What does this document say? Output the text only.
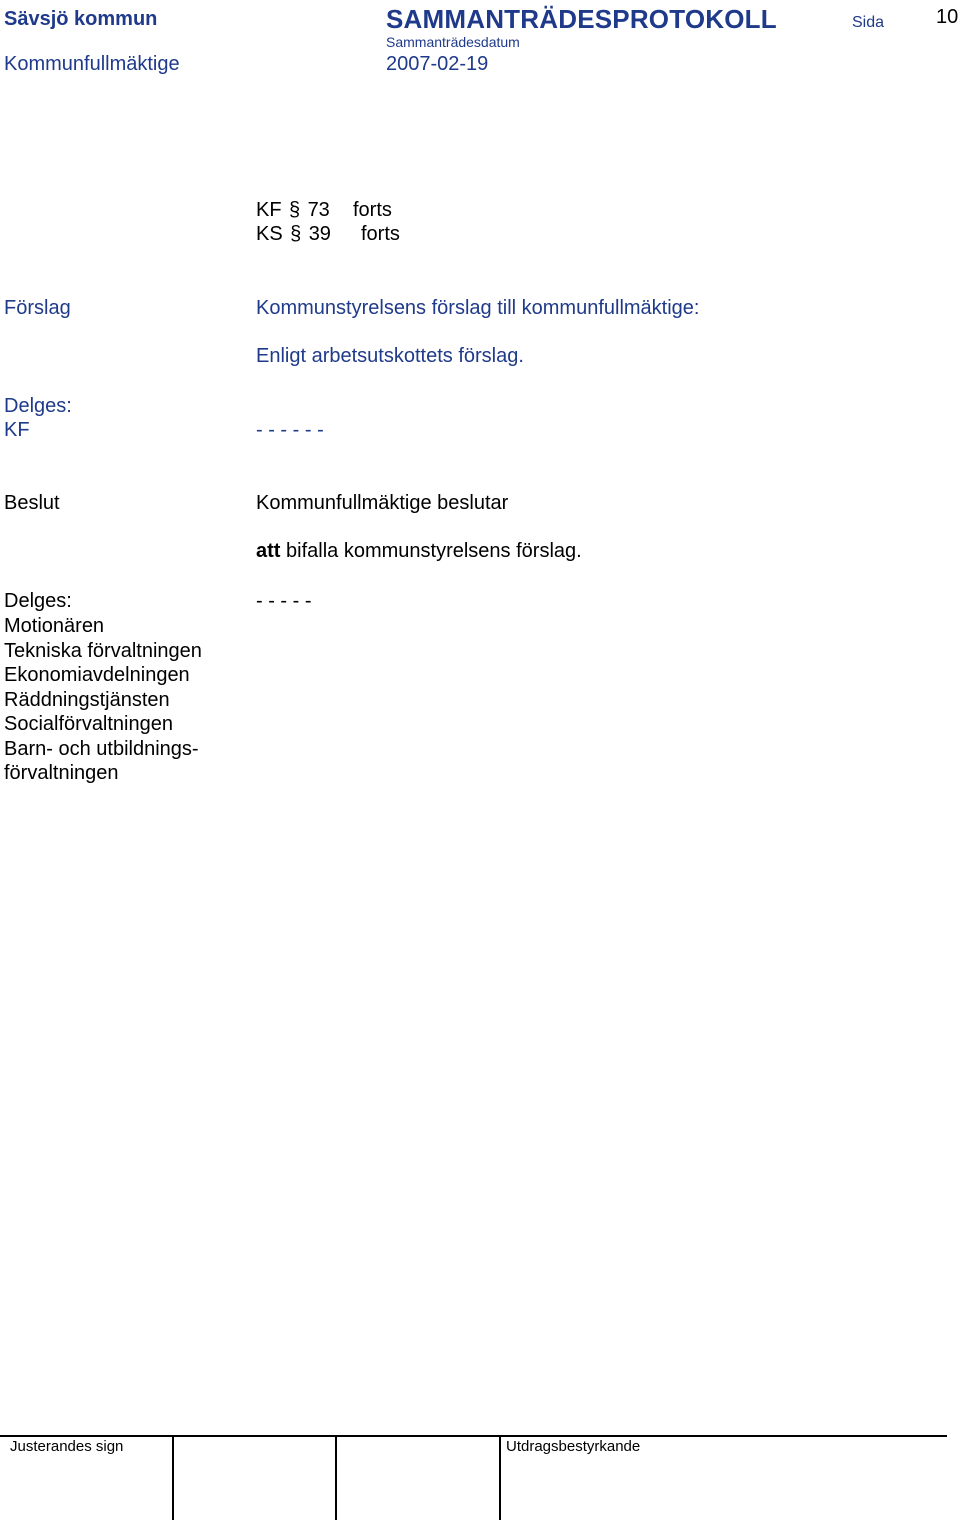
Sävsjö kommun	SAMMANTRÄDESPROTOKOLL	Sida	10
Sammanträdesdatum
Kommunfullmäktige	2007-02-19
KF § 73 forts
KS § 39 forts
Förslag	Kommunstyrelsens förslag till kommunfullmäktige:
Enligt arbetsutskottets förslag.
Delges:
KF	- - - - - -
Beslut	Kommunfullmäktige beslutar
att bifalla kommunstyrelsens förslag.
Delges:	- - - - -
Motionären
Tekniska förvaltningen
Ekonomiavdelningen
Räddningstjänsten
Socialförvaltningen
Barn- och utbildnings-
förvaltningen
Justerandes sign	Utdragsbestyrkande
